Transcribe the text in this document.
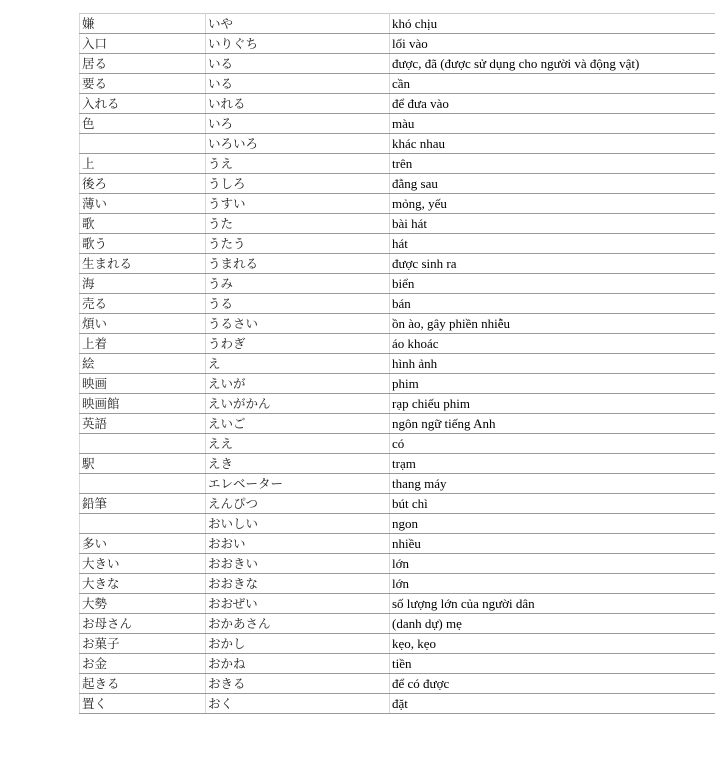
嫌	いや	khó chịu
入口	いりぐち	lối vào
居る	いる	được, đã (được sử dụng cho người và động vật)
要る	いる	cần
入れる	いれる	để đưa vào
色	いろ	màu
	いろいろ	khác nhau
上	うえ	trên
後ろ	うしろ	đằng sau
薄い	うすい	mỏng, yếu
歌	うた	bài hát
歌う	うたう	hát
生まれる	うまれる	được sinh ra
海	うみ	biển
売る	うる	bán
煩い	うるさい	ồn ào, gây phiền nhiễu
上着	うわぎ	áo khoác
絵	え	hình ảnh
映画	えいが	phim
映画館	えいがかん	rạp chiếu phim
英語	えいご	ngôn ngữ tiếng Anh
	ええ	có
駅	えき	trạm
	エレベーター	thang máy
鉛筆	えんぴつ	bút chì
	おいしい	ngon
多い	おおい	nhiều
大きい	おおきい	lớn
大きな	おおきな	lớn
大勢	おおぜい	số lượng lớn của người dân
お母さん	おかあさん	(danh dự) mẹ
お菓子	おかし	kẹo, kẹo
お金	おかね	tiền
起きる	おきる	để có được
置く	おく	đặt
